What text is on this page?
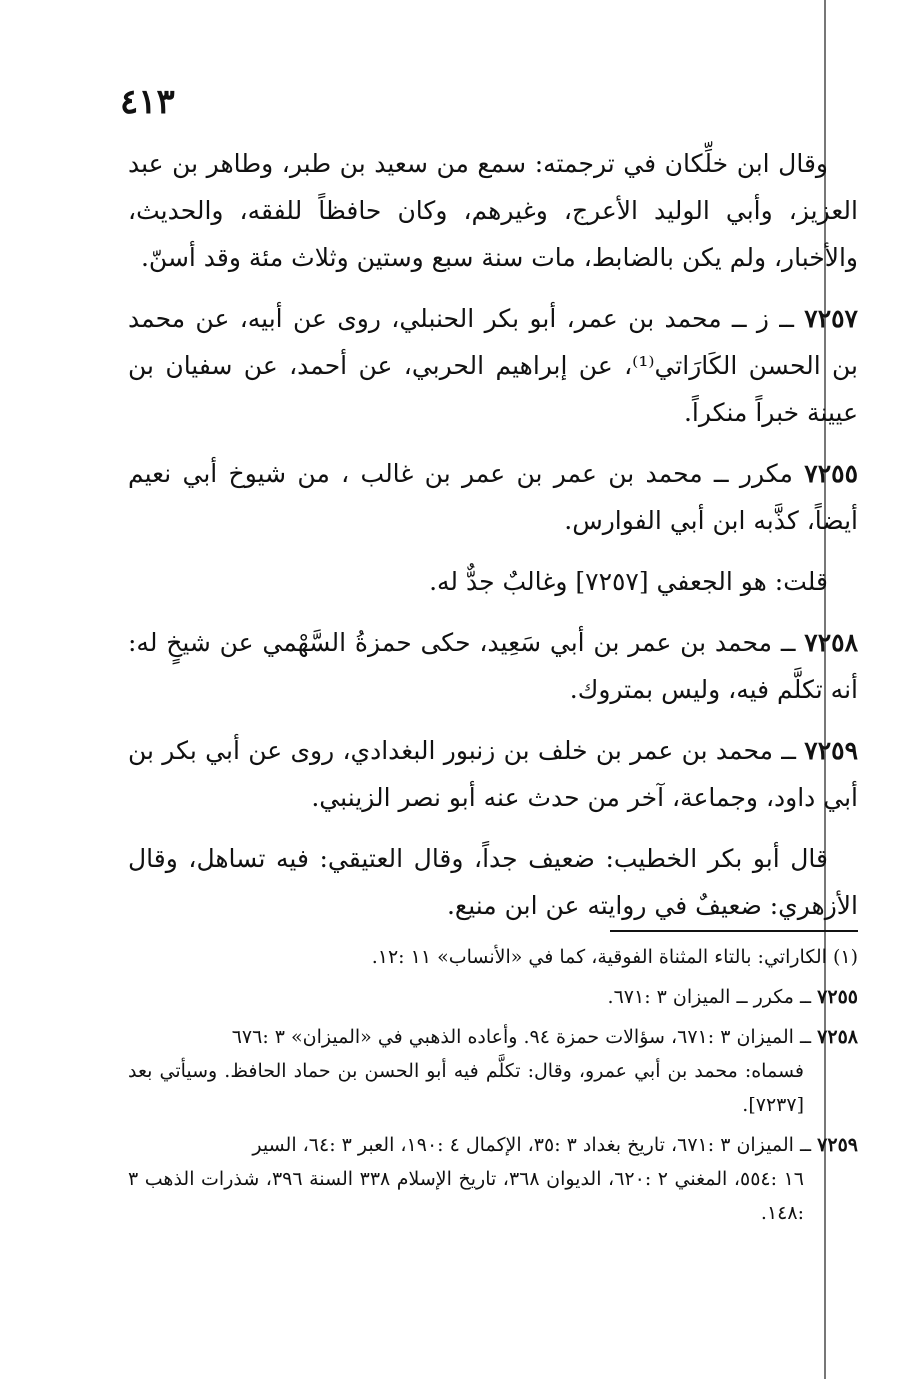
٤١٣

وقال ابن خلِّكان في ترجمته: سمع من سعيد بن طبر، وطاهر بن عبد العزيز، وأبي الوليد الأعرج، وغيرهم، وكان حافظاً للفقه، والحديث، والأخبار، ولم يكن بالضابط، مات سنة سبع وستين وثلاث مئة وقد أسنّ.

٧٢٥٧ ــ ز ــ محمد بن عمر، أبو بكر الحنبلي، روى عن أبيه، عن محمد بن الحسن الكَارَاتي⁽¹⁾، عن إبراهيم الحربي، عن أحمد، عن سفيان بن عيينة خبراً منكراً.

٧٢٥٥ مكرر ــ محمد بن عمر بن عمر بن غالب ، من شيوخ أبي نعيم أيضاً، كذَّبه ابن أبي الفوارس.

قلت: هو الجعفي [٧٢٥٧] وغالبٌ جدٌّ له.

٧٢٥٨ ــ محمد بن عمر بن أبي سَعِيد، حكى حمزةُ السَّهْمي عن شيخٍ له: أنه تكلَّم فيه، وليس بمتروك.

٧٢٥٩ ــ محمد بن عمر بن خلف بن زنبور البغدادي، روى عن أبي بكر بن أبي داود، وجماعة، آخر من حدث عنه أبو نصر الزينبي.

قال أبو بكر الخطيب: ضعيف جداً، وقال العتيقي: فيه تساهل، وقال الأزهري: ضعيفٌ في روايته عن ابن منيع.

(١) الكاراتي: بالتاء المثناة الفوقية، كما في «الأنساب» ١١ :١٢.

٧٢٥٥ ــ مكرر ــ الميزان ٣ :٦٧١.

٧٢٥٨ ــ الميزان ٣ :٦٧١، سؤالات حمزة ٩٤. وأعاده الذهبي في «الميزان» ٣ :٦٧٦
فسماه: محمد بن أبي عمرو، وقال: تكلَّم فيه أبو الحسن بن حماد الحافظ. وسيأتي بعد [٧٢٣٧].

٧٢٥٩ ــ الميزان ٣ :٦٧١، تاريخ بغداد ٣ :٣٥، الإكمال ٤ :١٩٠، العبر ٣ :٦٤، السير
١٦ :٥٥٤، المغني ٢ :٦٢٠، الديوان ٣٦٨، تاريخ الإسلام ٣٣٨ السنة ٣٩٦، شذرات الذهب ٣ :١٤٨.
